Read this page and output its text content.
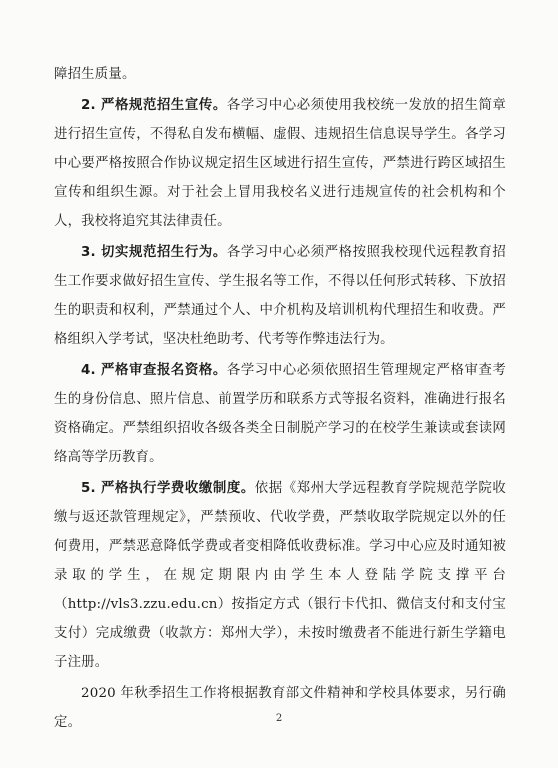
障招生质量。

2. 严格规范招生宣传。各学习中心必须使用我校统一发放的招生简章进行招生宣传，不得私自发布横幅、虚假、违规招生信息误导学生。各学习中心要严格按照合作协议规定招生区域进行招生宣传，严禁进行跨区域招生宣传和组织生源。对于社会上冒用我校名义进行违规宣传的社会机构和个人，我校将追究其法律责任。

3. 切实规范招生行为。各学习中心必须严格按照我校现代远程教育招生工作要求做好招生宣传、学生报名等工作，不得以任何形式转移、下放招生的职责和权利，严禁通过个人、中介机构及培训机构代理招生和收费。严格组织入学考试，坚决杜绝助考、代考等作弊违法行为。

4. 严格审查报名资格。各学习中心必须依照招生管理规定严格审查考生的身份信息、照片信息、前置学历和联系方式等报名资料，准确进行报名资格确定。严禁组织招收各级各类全日制脱产学习的在校学生兼读或套读网络高等学历教育。

5. 严格执行学费收缴制度。依据《郑州大学远程教育学院规范学院收缴与返还款管理规定》，严禁预收、代收学费，严禁收取学院规定以外的任何费用，严禁恶意降低学费或者变相降低收费标准。学习中心应及时通知被录取的学生，在规定期限内由学生本人登陆学院支撑平台（http://vls3.zzu.edu.cn）按指定方式（银行卡代扣、微信支付和支付宝支付）完成缴费（收款方：郑州大学），未按时缴费者不能进行新生学籍电子注册。

2020 年秋季招生工作将根据教育部文件精神和学校具体要求，另行确定。	2
